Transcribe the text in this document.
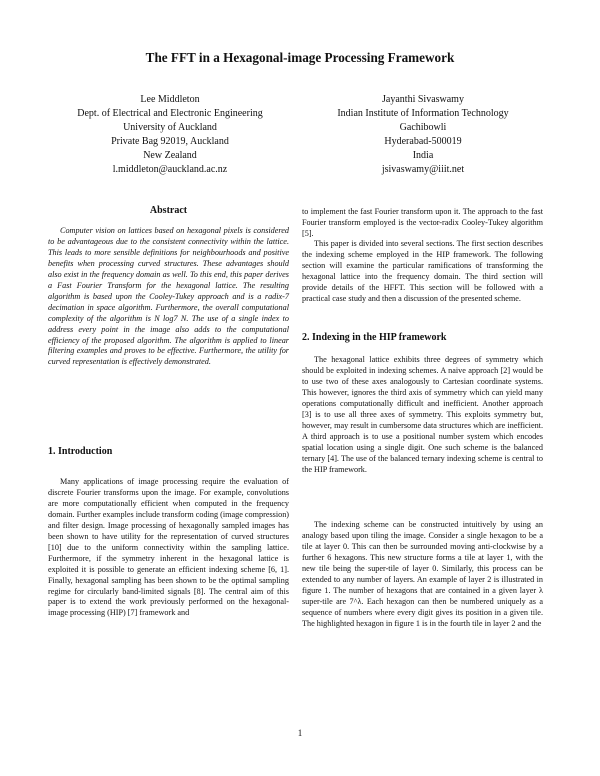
The FFT in a Hexagonal-image Processing Framework
Lee Middleton
Dept. of Electrical and Electronic Engineering
University of Auckland
Private Bag 92019, Auckland
New Zealand
l.middleton@auckland.ac.nz
Jayanthi Sivaswamy
Indian Institute of Information Technology
Gachibowli
Hyderabad-500019
India
jsivaswamy@iiit.net
Abstract

Computer vision on lattices based on hexagonal pixels is considered to be advantageous due to the consistent connectivity within the lattice. This leads to more sensible definitions for neighbourhoods and positive benefits when processing curved structures. These advantages should also exist in the frequency domain as well. To this end, this paper derives a Fast Fourier Transform for the hexagonal lattice. The resulting algorithm is based upon the Cooley-Tukey approach and is a radix-7 decimation in space algorithm. Furthermore, the overall computational complexity of the algorithm is N log7 N. The use of a single index to address every point in the image also adds to the computational efficiency of the proposed algorithm. The algorithm is applied to linear filtering examples and proves to be effective. Furthermore, the utility for curved representation is effectively demonstrated.

1. Introduction

Many applications of image processing require the evaluation of discrete Fourier transforms upon the image. For example, convolutions are more computationally efficient when computed in the frequency domain. Further examples include transform coding (image compression) and filter design. Image processing of hexagonally sampled images has been shown to have utility for the representation of curved structures [10] due to the uniform connectivity within the sampling lattice. Furthermore, if the symmetry inherent in the hexagonal lattice is exploited it is possible to generate an efficient indexing scheme [6, 1]. Finally, hexagonal sampling has been shown to be the optimal sampling regime for circularly band-limited signals [8]. The central aim of this paper is to extend the work previously performed on the hexagonal-image processing (HIP) [7] framework and

to implement the fast Fourier transform upon it. The approach to the fast Fourier transform employed is the vector-radix Cooley-Tukey algorithm [5].

This paper is divided into several sections. The first section describes the indexing scheme employed in the HIP framework. The following section will examine the particular ramifications of transforming the hexagonal lattice into the frequency domain. The third section will provide details of the HFFT. This section will be followed with a practical case study and then a discussion of the presented scheme.

2. Indexing in the HIP framework

The hexagonal lattice exhibits three degrees of symmetry which should be exploited in indexing schemes. A naive approach [2] would be to use two of these axes analogously to Cartesian coordinate systems. This however, ignores the third axis of symmetry which can yield many operations computationally difficult and inefficient. Another approach [3] is to use all three axes of symmetry. This exploits symmetry but, however, may result in cumbersome data structures which are inefficient. A third approach is to use a positional number system which encodes spatial location using a single digit. One such scheme is the balanced ternary [4]. The use of the balanced ternary indexing scheme is central to the HIP framework.

The indexing scheme can be constructed intuitively by using an analogy based upon tiling the image. Consider a single hexagon to be a tile at layer 0. This can then be surrounded moving anti-clockwise by a further 6 hexagons. This new structure forms a tile at layer 1, with the new tile being the super-tile of layer 0. Similarly, this process can be extended to any number of layers. An example of layer 2 is illustrated in figure 1. The number of hexagons that are contained in a given layer λ super-tile are 7^λ. Each hexagon can then be numbered uniquely as a sequence of numbers where every digit gives its position in a given tile. The highlighted hexagon in figure 1 is in the fourth tile in layer 2 and the

1
